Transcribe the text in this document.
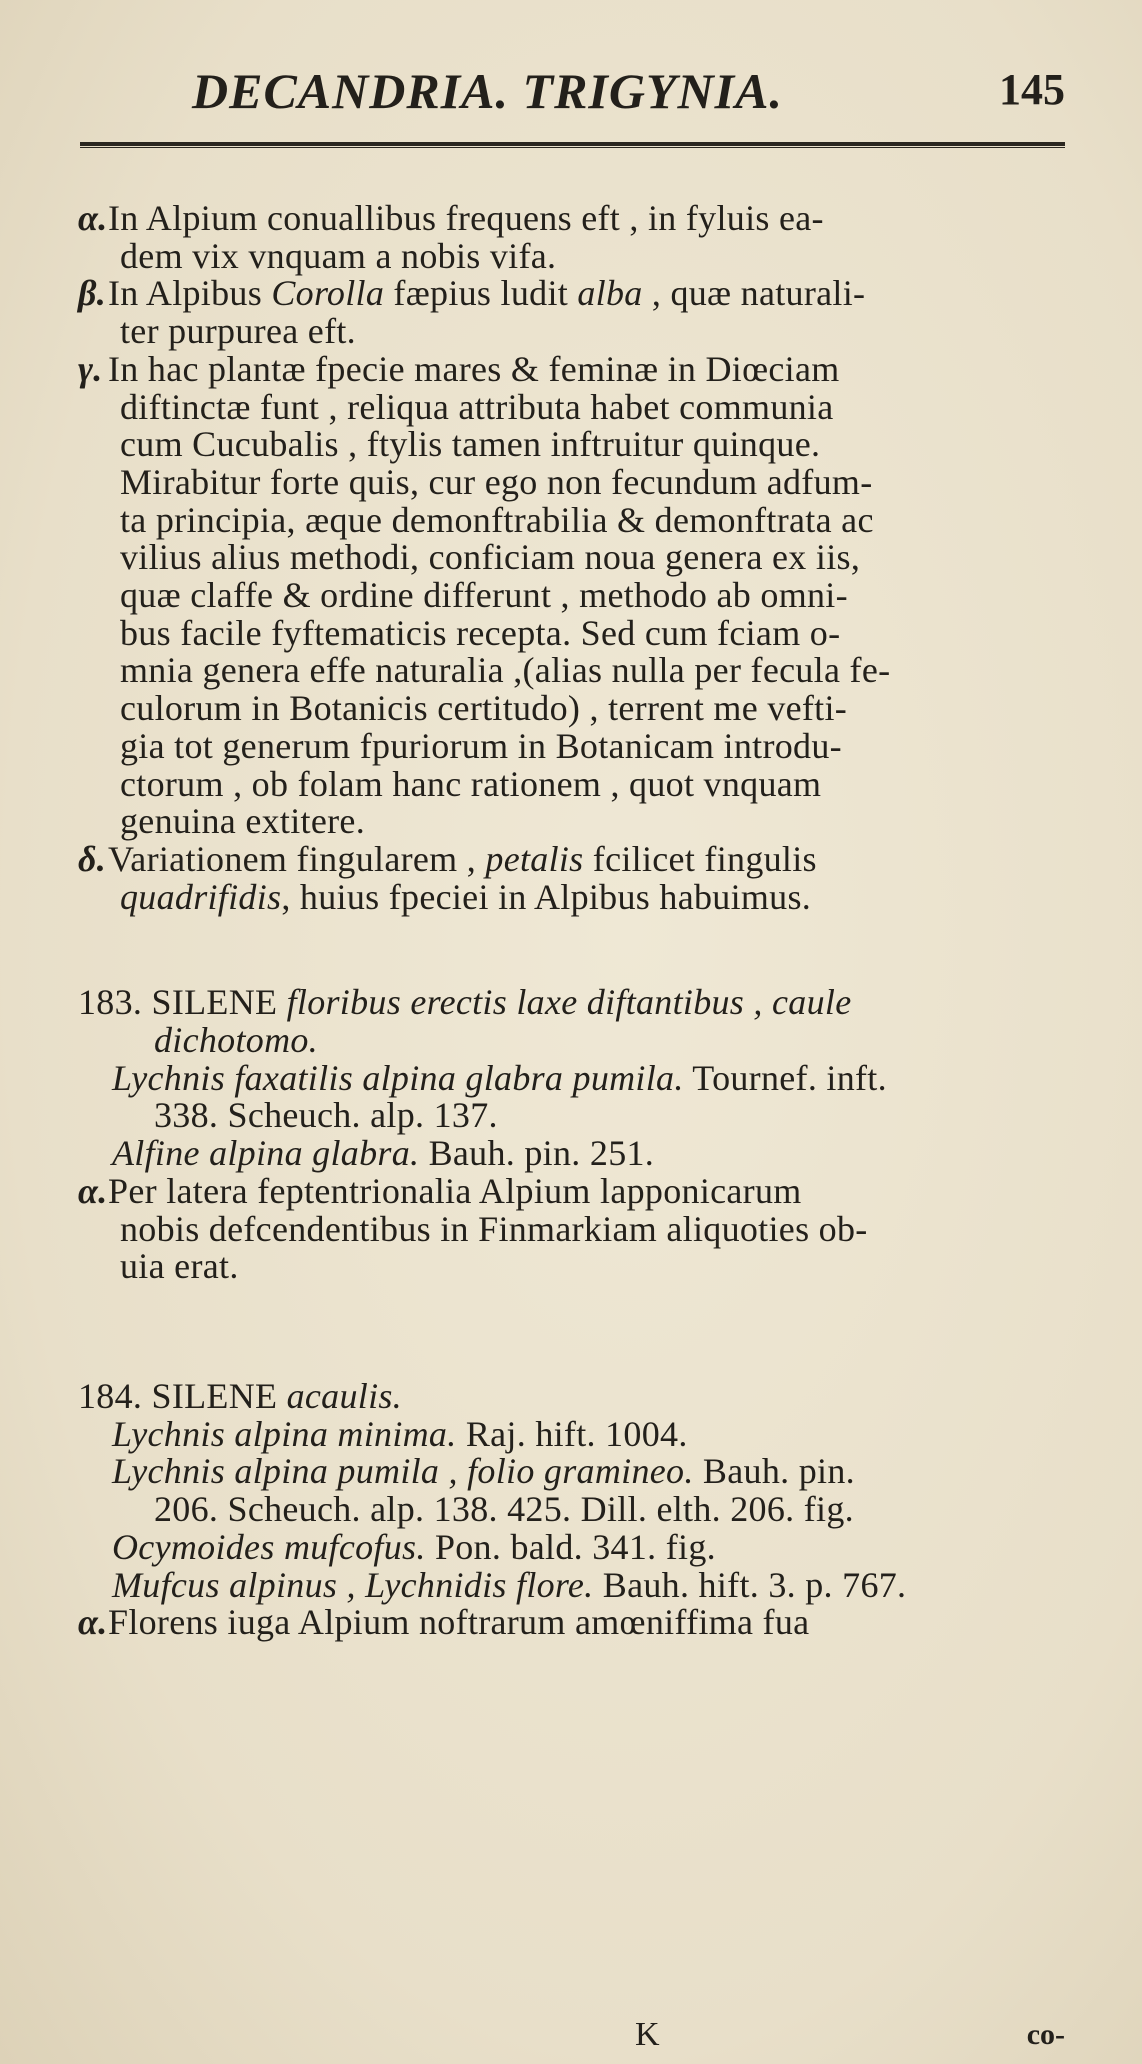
DECANDRIA. TRIGYNIA.	145
α.In Alpium conuallibus frequens eft , in fyluis ea-
dem vix vnquam a nobis vifa.
β.In Alpibus Corolla fæpius ludit alba , quæ naturali-
ter purpurea eft.
γ. In hac plantæ fpecie mares & feminæ in Diœciam
diftinctæ funt , reliqua attributa habet communia
cum Cucubalis , ftylis tamen inftruitur quinque.
Mirabitur forte quis, cur ego non fecundum adfum-
ta principia, æque demonftrabilia & demonftrata ac
vilius alius methodi, conficiam noua genera ex iis,
quæ claffe & ordine differunt , methodo ab omni-
bus facile fyftematicis recepta. Sed cum fciam o-
mnia genera effe naturalia ,(alias nulla per fecula fe-
culorum in Botanicis certitudo) , terrent me vefti-
gia tot generum fpuriorum in Botanicam introdu-
ctorum , ob folam hanc rationem , quot vnquam
genuina extitere.
δ.Variationem fingularem , petalis fcilicet fingulis
quadrifidis, huius fpeciei in Alpibus habuimus.
183. SILENE floribus erectis laxe diftantibus , caule
dichotomo.
Lychnis faxatilis alpina glabra pumila. Tournef. inft.
338. Scheuch. alp. 137.
Alfine alpina glabra. Bauh. pin. 251.
α.Per latera feptentrionalia Alpium lapponicarum
nobis defcendentibus in Finmarkiam aliquoties ob-
uia erat.
184. SILENE acaulis.
Lychnis alpina minima. Raj. hift. 1004.
Lychnis alpina pumila , folio gramineo. Bauh. pin.
206. Scheuch. alp. 138. 425. Dill. elth. 206. fig.
Ocymoides mufcofus. Pon. bald. 341. fig.
Mufcus alpinus , Lychnidis flore. Bauh. hift. 3. p. 767.
α.Florens iuga Alpium noftrarum amœniffima fua
K	co-
